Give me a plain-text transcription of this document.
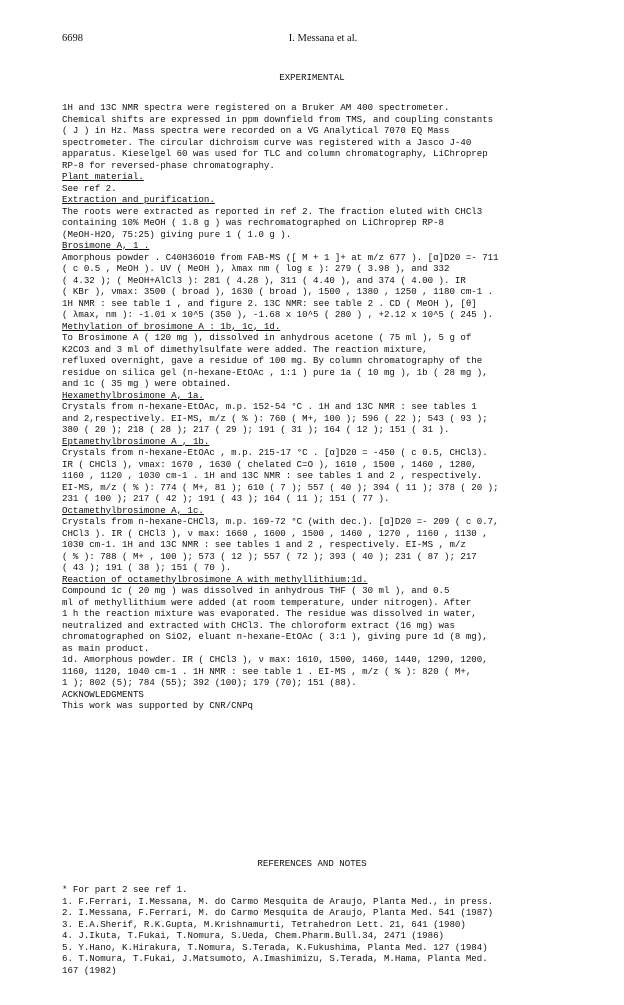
6698	I. Messana et al.
EXPERIMENTAL

1H and 13C NMR spectra were registered on a Bruker AM 400 spectrometer.

Chemical shifts are expressed in ppm downfield from TMS, and coupling constants

( J ) in Hz. Mass spectra were recorded on a VG Analytical 7070 EQ Mass

spectrometer. The circular dichroism curve was registered with a Jasco J-40

apparatus. Kieselgel 60 was used for TLC and column chromatography, LiChroprep

RP-8 for reversed-phase chromatography.

Plant material.

See ref 2.

Extraction and purification.

The roots were extracted as reported in ref 2. The fraction eluted with CHCl3

containing 10% MeOH ( 1.8 g ) was rechromatographed on LiChroprep RP-8

(MeOH-H2O, 75:25) giving pure 1 ( 1.0 g ).

Brosimone A, 1 .

Amorphous powder . C40H36O10 from FAB-MS ([ M + 1 ]+ at m/z 677 ). [α]D20 =- 711

( c 0.5 , MeOH ). UV ( MeOH ), λmax nm ( log ε ): 279 ( 3.98 ), and 332

( 4.32 ); ( MeOH+AlCl3 ): 281 ( 4.28 ), 311 ( 4.40 ), and 374 ( 4.00 ). IR

( KBr ), νmax: 3500 ( broad ), 1630 ( broad ), 1500 , 1380 , 1250 , 1180 cm-1 .

1H NMR : see table 1 , and figure 2. 13C NMR: see table 2 . CD ( MeOH ), [θ]

( λmax, nm ): -1.01 x 10^5 (350 ), -1.68 x 10^5 ( 280 ) , +2.12 x 10^5 ( 245 ).

Methylation of brosimone A : 1b, 1c, 1d.

To Brosimone A ( 120 mg ), dissolved in anhydrous acetone ( 75 ml ), 5 g of

K2CO3 and 3 ml of dimethylsulfate were added. The reaction mixture,

refluxed overnight, gave a residue of 100 mg. By column chromatography of the

residue on silica gel (n-hexane-EtOAc , 1:1 ) pure 1a ( 10 mg ), 1b ( 28 mg ),

and 1c ( 35 mg ) were obtained.

Hexamethylbrosimone A, 1a.

Crystals from n-hexane-EtOAc, m.p. 152-54 °C . 1H and 13C NMR : see tables 1

and 2,respectively. EI-MS, m/z ( % ): 760 ( M+, 100 ); 596 ( 22 ); 543 ( 93 );

380 ( 20 ); 218 ( 28 ); 217 ( 29 ); 191 ( 31 ); 164 ( 12 ); 151 ( 31 ).

Eptamethylbrosimone A , 1b.

Crystals from n-hexane-EtOAc , m.p. 215-17 °C . [α]D20 = -450 ( c 0.5, CHCl3).

IR ( CHCl3 ), νmax: 1670 , 1630 ( chelated C=O ), 1610 , 1500 , 1460 , 1280,

1160 , 1120 , 1030 cm-1 . 1H and 13C NMR : see tables 1 and 2 , respectively.

EI-MS, m/z ( % ): 774 ( M+, 81 ); 610 ( 7 ); 557 ( 40 ); 394 ( 11 ); 378 ( 20 );

231 ( 100 ); 217 ( 42 ); 191 ( 43 ); 164 ( 11 ); 151 ( 77 ).

Octamethylbrosimone A, 1c.

Crystals from n-hexane-CHCl3, m.p. 169-72 °C (with dec.). [α]D20 =- 209 ( c 0.7,

CHCl3 ). IR ( CHCl3 ), ν max: 1660 , 1600 , 1500 , 1460 , 1270 , 1160 , 1130 ,

1030 cm-1. 1H and 13C NMR : see tables 1 and 2 , respectively. EI-MS , m/z

( % ): 788 ( M+ , 100 ); 573 ( 12 ); 557 ( 72 ); 393 ( 40 ); 231 ( 87 ); 217

( 43 ); 191 ( 38 ); 151 ( 70 ).

Reaction of octamethylbrosimone A with methyllithium:1d.

Compound 1c ( 20 mg ) was dissolved in anhydrous THF ( 30 ml ), and 0.5

ml of methyllithium were added (at room temperature, under nitrogen). After

1 h the reaction mixture was evaporated. The residue was dissolved in water,

neutralized and extracted with CHCl3. The chloroform extract (16 mg) was

chromatographed on SiO2, eluant n-hexane-EtOAc ( 3:1 ), giving pure 1d (8 mg),

as main product.

1d. Amorphous powder. IR ( CHCl3 ), ν max: 1610, 1500, 1460, 1440, 1290, 1200,

1160, 1120, 1040 cm-1 . 1H NMR : see table 1 . EI-MS , m/z ( % ): 820 ( M+,

1 ); 802 (5); 784 (55); 392 (100); 179 (70); 151 (88).

ACKNOWLEDGMENTS

This work was supported by CNR/CNPq

REFERENCES AND NOTES

* For part 2 see ref 1.

1. F.Ferrari, I.Messana, M. do Carmo Mesquita de Araujo, Planta Med., in press.

2. I.Messana, F.Ferrari, M. do Carmo Mesquita de Araujo, Planta Med. 541 (1987)

3. E.A.Sherif, R.K.Gupta, M.Krishnamurti, Tetrahedron Lett. 21, 641 (1980)

4. J.Ikuta, T.Fukai, T.Nomura, S.Ueda, Chem.Pharm.Bull.34, 2471 (1986)

5. Y.Hano, K.Hirakura, T.Nomura, S.Terada, K.Fukushima, Planta Med. 127 (1984)

6. T.Nomura, T.Fukai, J.Matsumoto, A.Imashimizu, S.Terada, M.Hama, Planta Med.

167 (1982)
